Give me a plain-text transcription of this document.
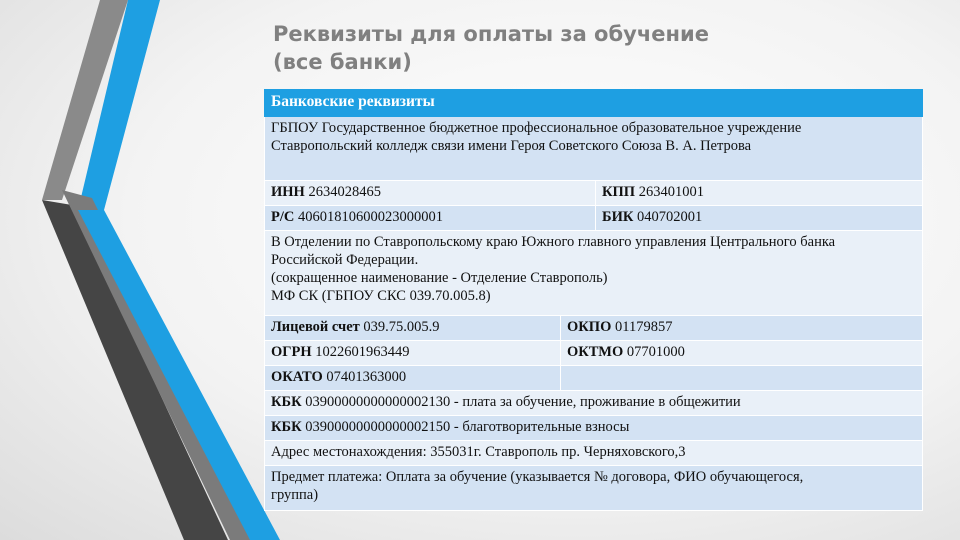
Реквизиты для оплаты за обучение
(все банки)
Банковские реквизиты		

ГБПОУ Государственное бюджетное профессиональное образовательное учреждение
Ставропольский колледж связи имени Героя Советского Союза В. А. Петрова		

ИНН 2634028465		КПП 263401001
Р/С 40601810600023000001		БИК 040702001

В Отделении по Ставропольскому краю Южного главного управления Центрального банка
Российской Федерации.
(сокращенное наименование - Отделение Ставрополь)
МФ СК (ГБПОУ СКС 039.70.005.8)		

Лицевой счет 039.75.005.9	ОКПО 01179857	
ОГРН 1022601963449	ОКТМО 07701000	
ОКАТО 07401363000		
КБК 03900000000000002130 - плата за обучение, проживание в общежитии		
КБК 03900000000000002150 - благотворительные взносы		
Адрес местонахождения: 355031г. Ставрополь пр. Черняховского,3		

Предмет платежа: Оплата за обучение (указывается № договора, ФИО обучающегося,
группа)		
